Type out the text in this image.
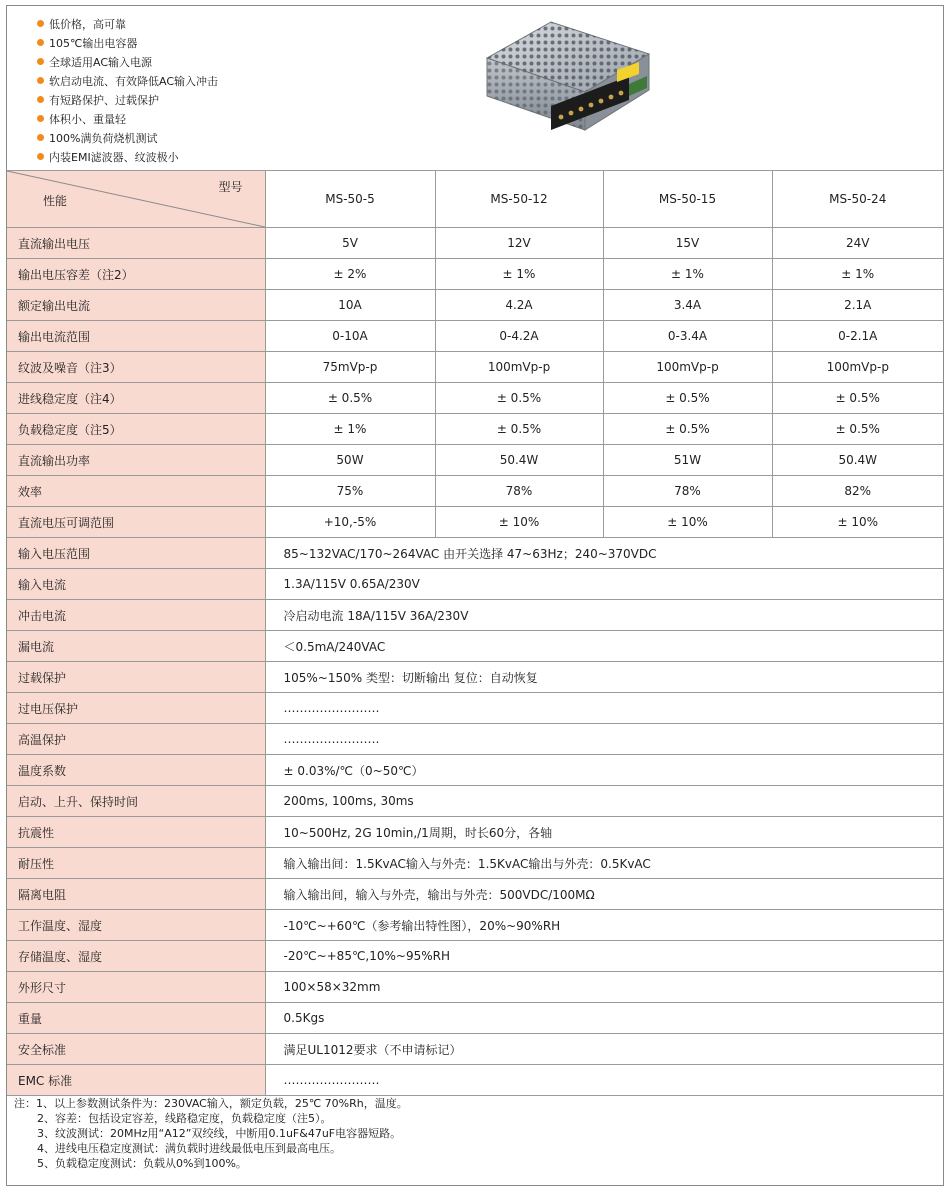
低价格，高可靠
105℃输出电容器
全球适用AC输入电源
软启动电流、有效降低AC输入冲击
有短路保护、过载保护
体积小、重量轻
100%满负荷烧机测试
内装EMI滤波器、纹波极小
型号
性能	MS-50-5	MS-50-12	MS-50-15	MS-50-24
直流输出电压	5V	12V	15V	24V
输出电压容差（注2）	± 2%	± 1%	± 1%	± 1%
额定输出电流	10A	4.2A	3.4A	2.1A
输出电流范围	0-10A	0-4.2A	0-3.4A	0-2.1A
纹波及噪音（注3）	75mVp-p	100mVp-p	100mVp-p	100mVp-p
进线稳定度（注4）	± 0.5%	± 0.5%	± 0.5%	± 0.5%
负载稳定度（注5）	± 1%	± 0.5%	± 0.5%	± 0.5%
直流输出功率	50W	50.4W	51W	50.4W
效率	75%	78%	78%	82%
直流电压可调范围	+10,-5%	± 10%	± 10%	± 10%
输入电压范围	85~132VAC/170~264VAC 由开关选择 47~63Hz；240~370VDC			
输入电流	1.3A/115V 0.65A/230V			
冲击电流	冷启动电流 18A/115V 36A/230V			
漏电流	＜0.5mA/240VAC			
过载保护	105%~150% 类型：切断输出 复位：自动恢复			
过电压保护	……………………			
高温保护	……………………			
温度系数	± 0.03%/℃（0~50℃）			
启动、上升、保持时间	200ms, 100ms, 30ms			
抗震性	10~500Hz, 2G 10min,/1周期，时长60分，各轴			
耐压性	输入输出间：1.5KvAC输入与外壳：1.5KvAC输出与外壳：0.5KvAC			
隔离电阻	输入输出间，输入与外壳，输出与外壳：500VDC/100MΩ			
工作温度、湿度	-10℃~+60℃（参考输出特性图），20%~90%RH			
存储温度、湿度	-20℃~+85℃,10%~95%RH			
外形尺寸	100×58×32mm			
重量	0.5Kgs			
安全标准	满足UL1012要求（不申请标记）			
EMC 标准	……………………			
注：1、以上参数测试条件为：230VAC输入，额定负载，25℃ 70%Rh，温度。
2、容差：包括设定容差，线路稳定度，负载稳定度（注5）。
3、纹波测试：20MHz用“A12”双绞线，中断用0.1uF&47uF电容器短路。
4、进线电压稳定度测试：满负载时进线最低电压到最高电压。
5、负载稳定度测试：负载从0%到100%。
